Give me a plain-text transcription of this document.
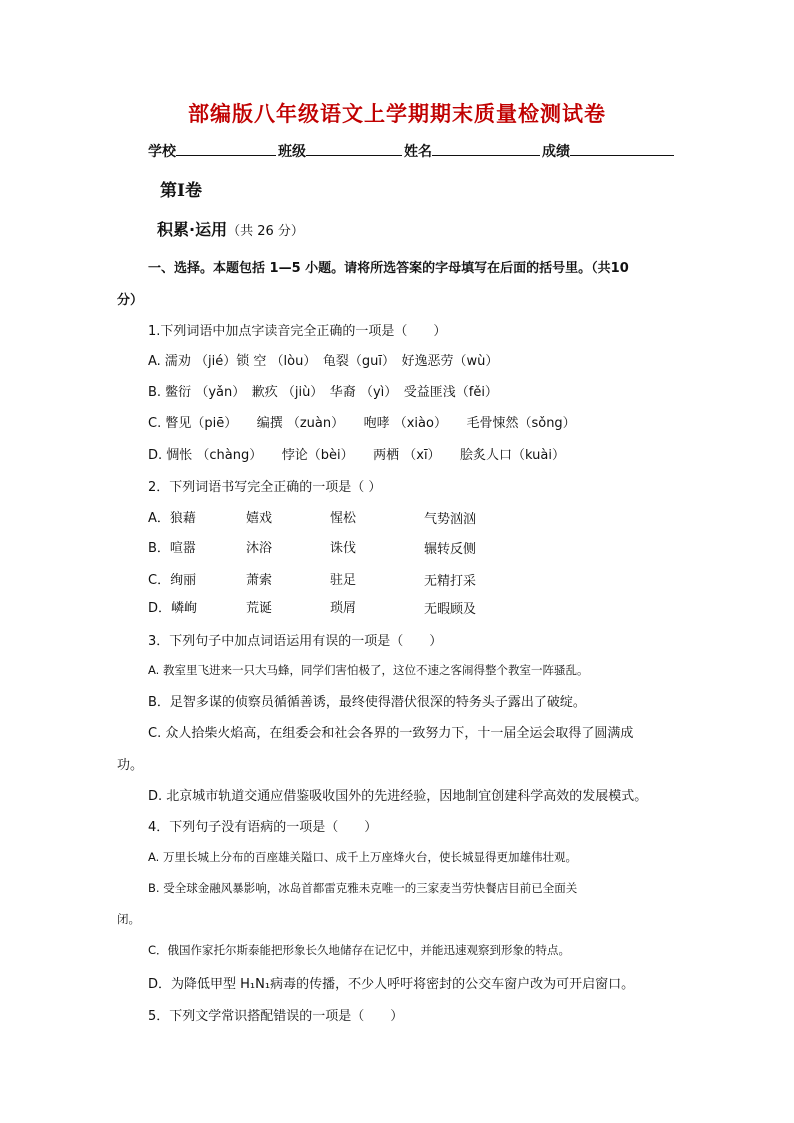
部编版八年级语文上学期期末质量检测试卷
学校	班级	姓名	成绩
第Ⅰ卷
积累·运用（共 26 分）
一、选择。本题包括 1—5 小题。请将所选答案的字母填写在后面的括号里。（共10
分）
1.下列词语中加点字读音完全正确的一项是（　　）
A. 濡劝 （jié）锁 空 （lòu）　龟裂（guī）　好逸恶劳（wù）
B. 鳖衍 （yǎn）　歉疚 （jiù）　华裔 （yì）　受益匪浅（fěi）
C. 瞥见（piē）　　编撰 （zuàn）　　咆哮 （xiào）　　毛骨悚然（sǒng）
D. 惆怅 （chàng）　　悖论（bèi）　　两栖 （xī）　　脍炙人口（kuài）
2．下列词语书写完全正确的一项是（ ）
A．狼藉	嬉戏	惺松	气势汹汹
B．喧嚣	沐浴	诛伐	辗转反侧
C．绚丽	萧索	驻足	无精打采
D．嶙峋	荒诞	琐屑	无暇顾及
3．下列句子中加点词语运用有误的一项是（　　）
A. 教室里飞进来一只大马蜂，同学们害怕极了，这位不速之客闹得整个教室一阵骚乱。
B．足智多谋的侦察员循循善诱，最终使得潜伏很深的特务头子露出了破绽。
C. 众人拾柴火焰高，在组委会和社会各界的一致努力下，十一届全运会取得了圆满成
功。
D. 北京城市轨道交通应借鉴吸收国外的先进经验，因地制宜创建科学高效的发展模式。
4．下列句子没有语病的一项是（　　）
A. 万里长城上分布的百座雄关隘口、成千上万座烽火台，使长城显得更加雄伟壮观。
B. 受全球金融风暴影响，冰岛首都雷克雅未克唯一的三家麦当劳快餐店目前已全面关
闭。
C．俄国作家托尔斯泰能把形象长久地储存在记忆中，并能迅速观察到形象的特点。
D．为降低甲型 H₁N₁病毒的传播，不少人呼吁将密封的公交车窗户改为可开启窗口。
5．下列文学常识搭配错误的一项是（　　）
